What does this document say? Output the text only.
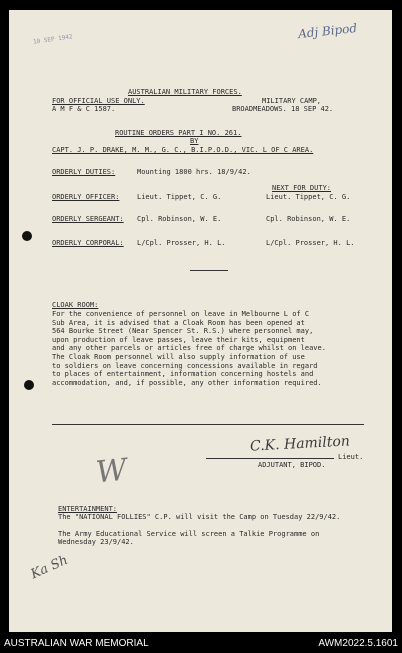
10 SEP 1942	Adj Bipod
AUSTRALIAN MILITARY FORCES.
FOR OFFICIAL USE ONLY.
A M F & C 1587.
MILITARY CAMP,
BROADMEADOWS. 18 SEP 42.
ROUTINE ORDERS PART I NO. 261.
BY
CAPT. J. P. DRAKE, M. M., G. C., B.I.P.O.D., VIC. L OF C AREA.
ORDERLY DUTIES:	Mounting 1800 hrs. 18/9/42.
NEXT FOR DUTY:
ORDERLY OFFICER:	Lieut. Tippet, C. G.	Lieut. Tippet, C. G.
ORDERLY SERGEANT: Cpl. Robinson, W. E.	Cpl. Robinson, W. E.
ORDERLY CORPORAL: L/Cpl. Prosser, H. L.	L/Cpl. Prosser, H. L.
CLOAK ROOM:
For the convenience of personnel on leave in Melbourne L of C
Sub Area, it is advised that a Cloak Room has been opened at
564 Bourke Street (Near Spencer St. R.S.) where personnel may,
upon production of leave passes, leave their kits, equipment
and any other parcels or articles free of charge whilst on leave.
The Cloak Room personnel will also supply information of use
to soldiers on leave concerning concessions available in regard
to places of entertainment, information concerning hostels and
accommodation, and, if possible, any other information required.
C.K. Hamilton
Lieut.
ADJUTANT, BIPOD.
W
ENTERTAINMENT:
The "NATIONAL FOLLIES" C.P. will visit the Camp on Tuesday 22/9/42.
The Army Educational Service will screen a Talkie Programme on
Wednesday 23/9/42.
Ka Sh
AUSTRALIAN WAR MEMORIAL	AWM2022.5.1601
